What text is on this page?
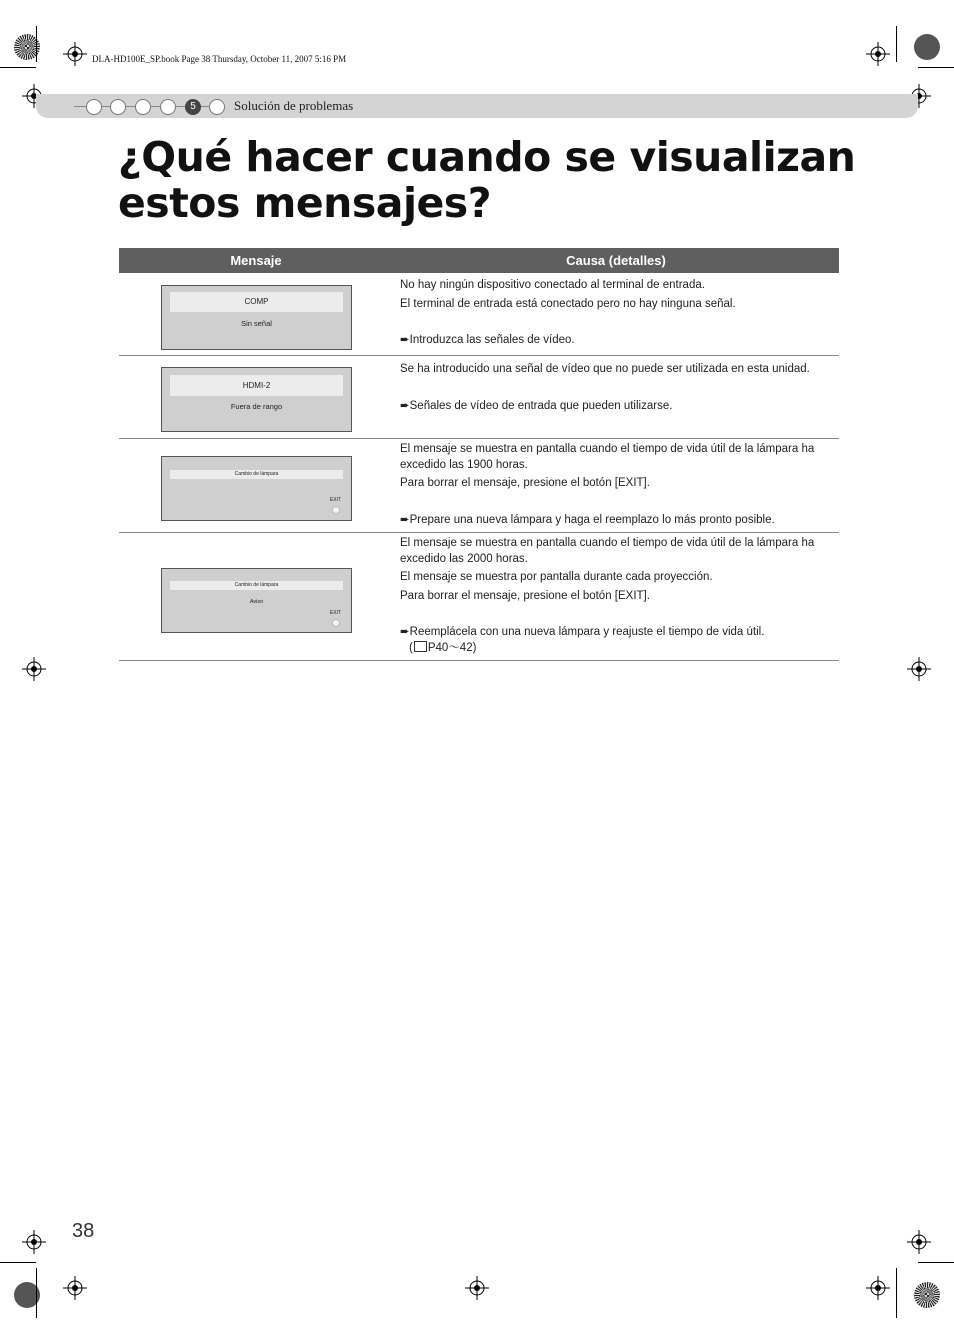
DLA-HD100E_SP.book Page 38 Thursday, October 11, 2007 5:16 PM
5	Solución de problemas
¿Qué hacer cuando se visualizan
estos mensajes?
Mensaje	Causa (detalles)
COMP
Sin señal

No hay ningún dispositivo conectado al terminal de entrada.

El terminal de entrada está conectado pero no hay ninguna señal.

➨Introduzca las señales de vídeo.

HDMI-2
Fuera de rango

Se ha introducido una señal de vídeo que no puede ser utilizada en esta unidad.

➨Señales de vídeo de entrada que pueden utilizarse.

Cambio de lámpara
EXIT

El mensaje se muestra en pantalla cuando el tiempo de vida útil de la lámpara ha excedido las 1900 horas.

Para borrar el mensaje, presione el botón [EXIT].

➨Prepare una nueva lámpara y haga el reemplazo lo más pronto posible.

Cambio de lámpara
Aviso
EXIT

El mensaje se muestra en pantalla cuando el tiempo de vida útil de la lámpara ha excedido las 2000 horas.

El mensaje se muestra por pantalla durante cada proyección.

Para borrar el mensaje, presione el botón [EXIT].

➨Reemplácela con una nueva lámpara y reajuste el tiempo de vida útil.

( P40～42)

38
